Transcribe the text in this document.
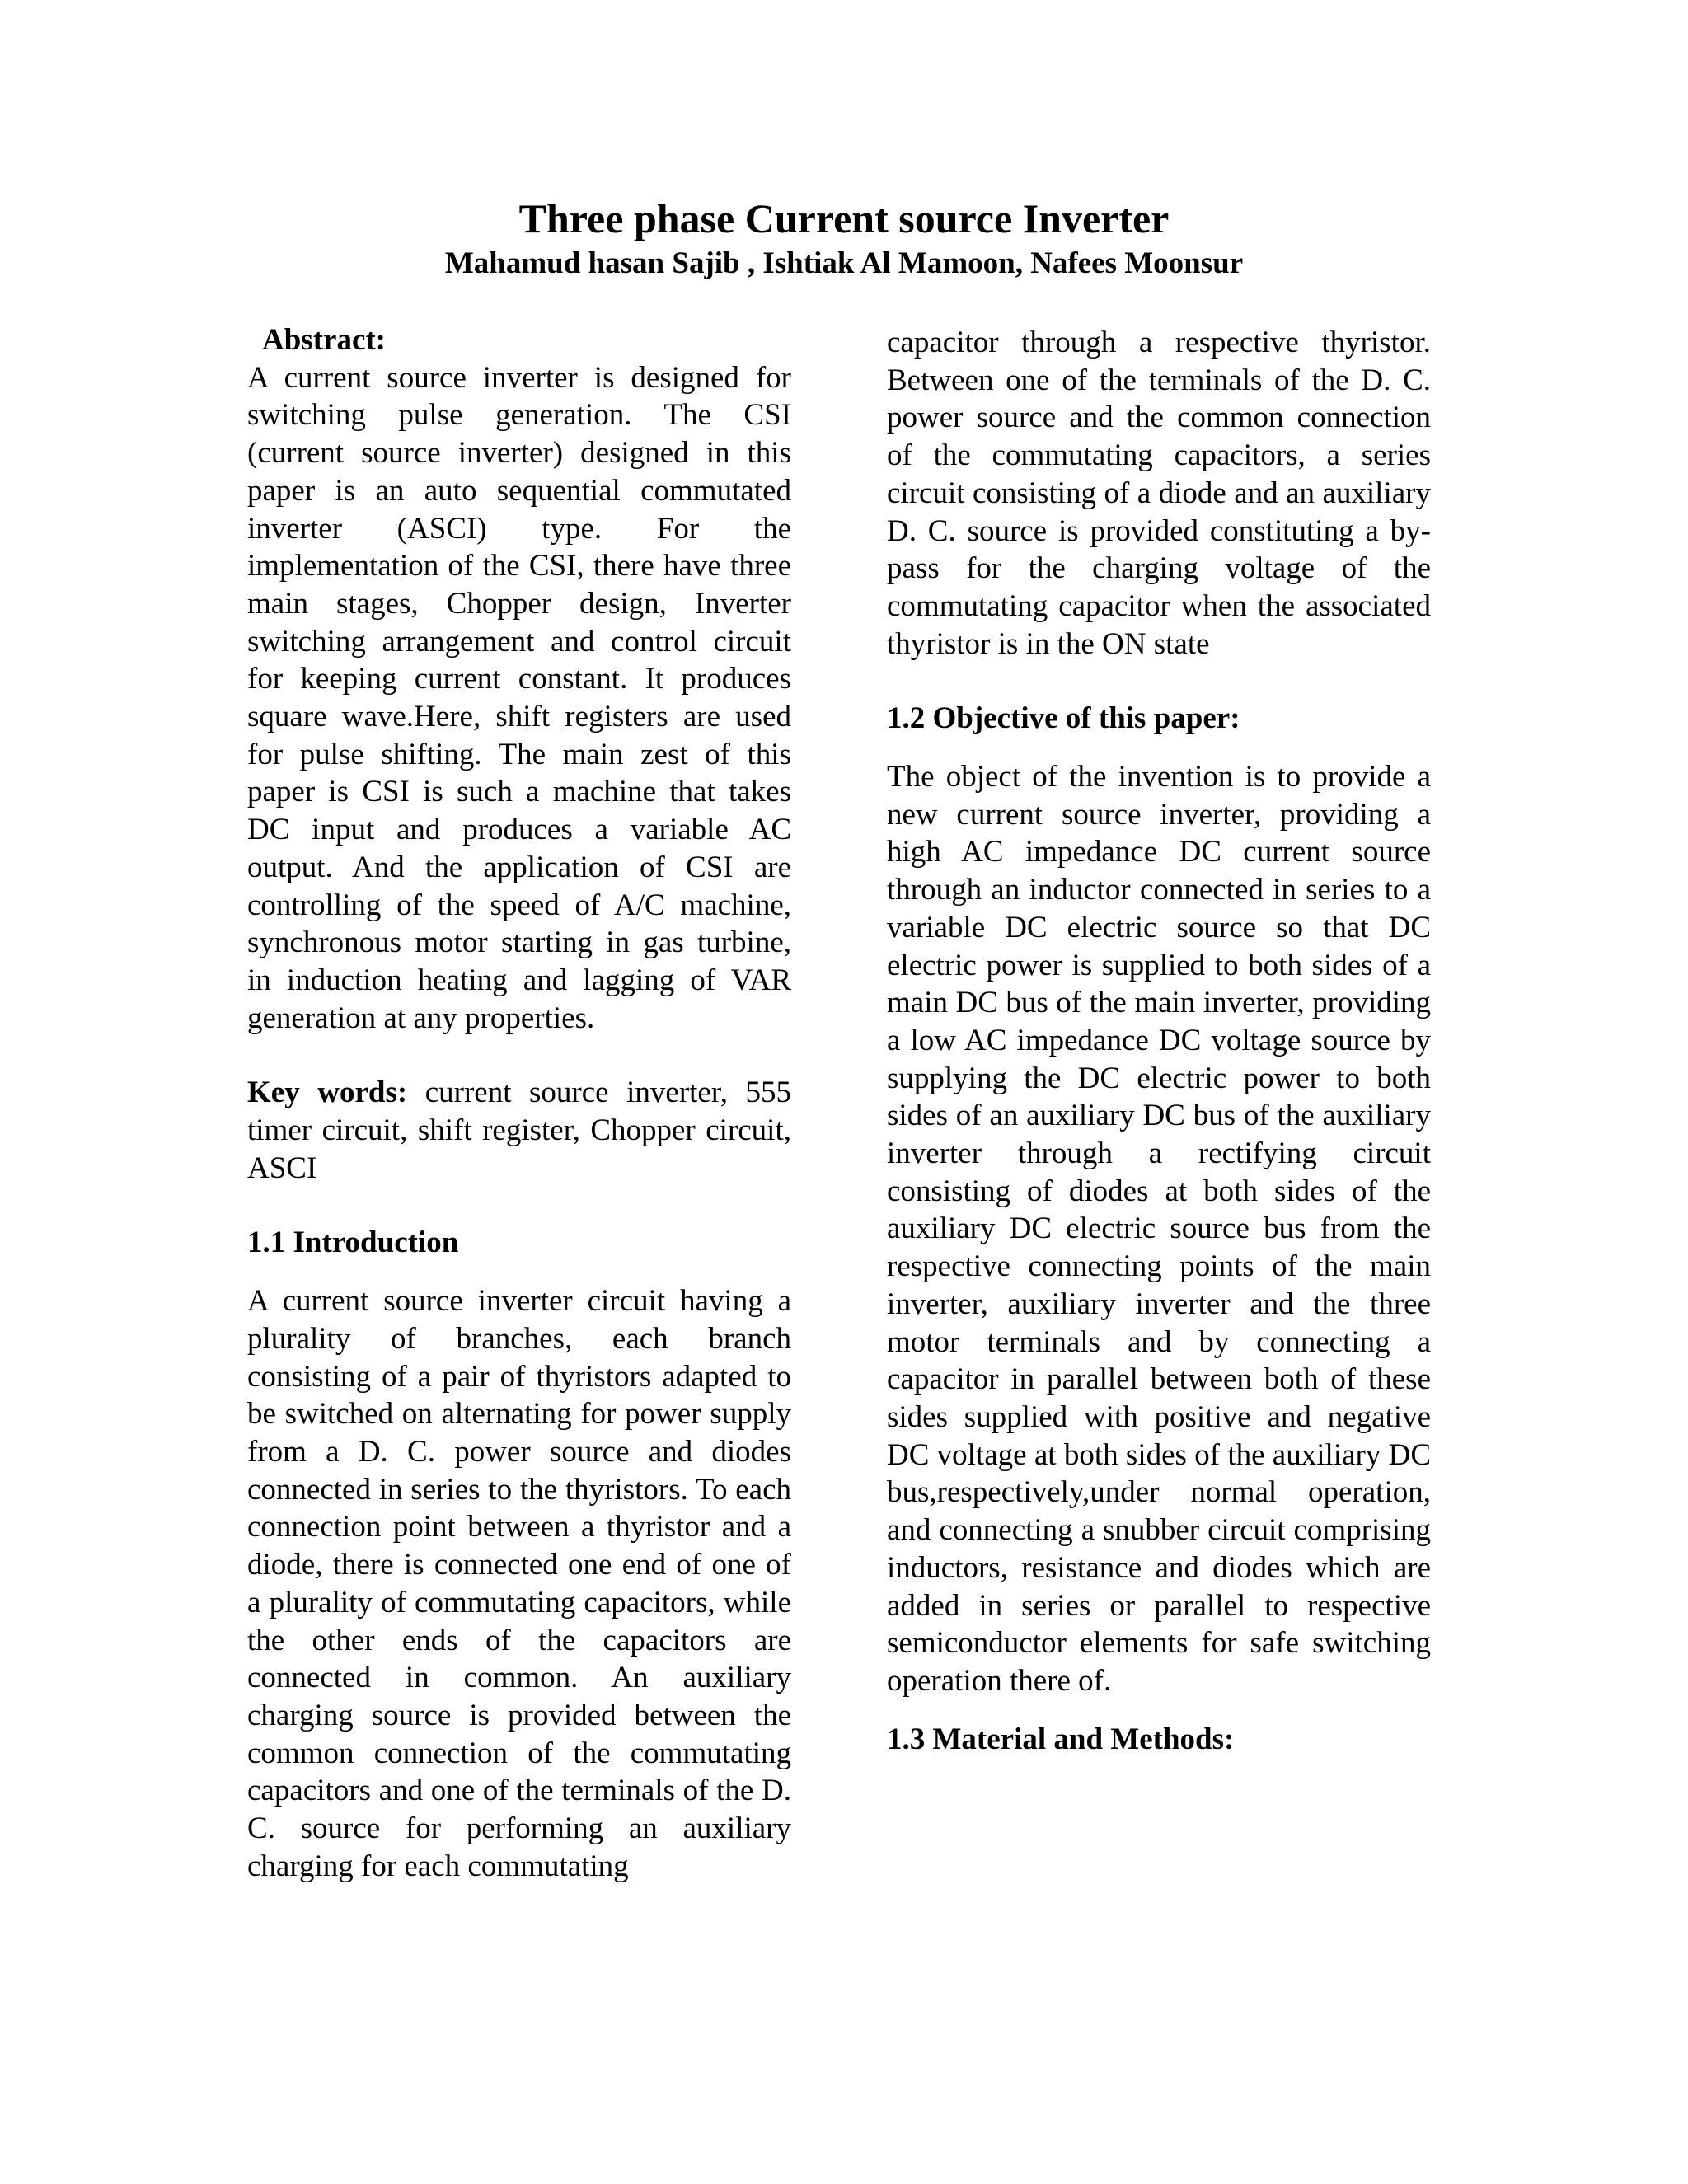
Three phase Current source Inverter
Mahamud hasan Sajib , Ishtiak Al Mamoon, Nafees Moonsur
Abstract:

A current source inverter is designed for switching pulse generation. The CSI (current source inverter) designed in this paper is an auto sequential commutated inverter (ASCI) type. For the implementation of the CSI, there have three main stages, Chopper design, Inverter switching arrangement and control circuit for keeping current constant. It produces square wave.Here, shift registers are used for pulse shifting. The main zest of this paper is CSI is such a machine that takes DC input and produces a variable AC output. And the application of CSI are controlling of the speed of A/C machine, synchronous motor starting in gas turbine, in induction heating and lagging of VAR generation at any properties.

Key words: current source inverter, 555 timer circuit, shift register, Chopper circuit, ASCI

1.1 Introduction

A current source inverter circuit having a plurality of branches, each branch consisting of a pair of thyristors adapted to be switched on alternating for power supply from a D. C. power source and diodes connected in series to the thyristors. To each connection point between a thyristor and a diode, there is connected one end of one of a plurality of commutating capacitors, while the other ends of the capacitors are connected in common. An auxiliary charging source is provided between the common connection of the commutating capacitors and one of the terminals of the D. C. source for performing an auxiliary charging for each commutating

capacitor through a respective thyristor. Between one of the terminals of the D. C. power source and the common connection of the commutating capacitors, a series circuit consisting of a diode and an auxiliary D. C. source is provided constituting a by-pass for the charging voltage of the commutating capacitor when the associated thyristor is in the ON state

1.2 Objective of this paper:

The object of the invention is to provide a new current source inverter, providing a high AC impedance DC current source through an inductor connected in series to a variable DC electric source so that DC electric power is supplied to both sides of a main DC bus of the main inverter, providing a low AC impedance DC voltage source by supplying the DC electric power to both sides of an auxiliary DC bus of the auxiliary inverter through a rectifying circuit consisting of diodes at both sides of the auxiliary DC electric source bus from the respective connecting points of the main inverter, auxiliary inverter and the three motor terminals and by connecting a capacitor in parallel between both of these sides supplied with positive and negative DC voltage at both sides of the auxiliary DC bus,respectively,under normal operation, and connecting a snubber circuit comprising inductors, resistance and diodes which are added in series or parallel to respective semiconductor elements for safe switching operation there of.

1.3 Material and Methods:
